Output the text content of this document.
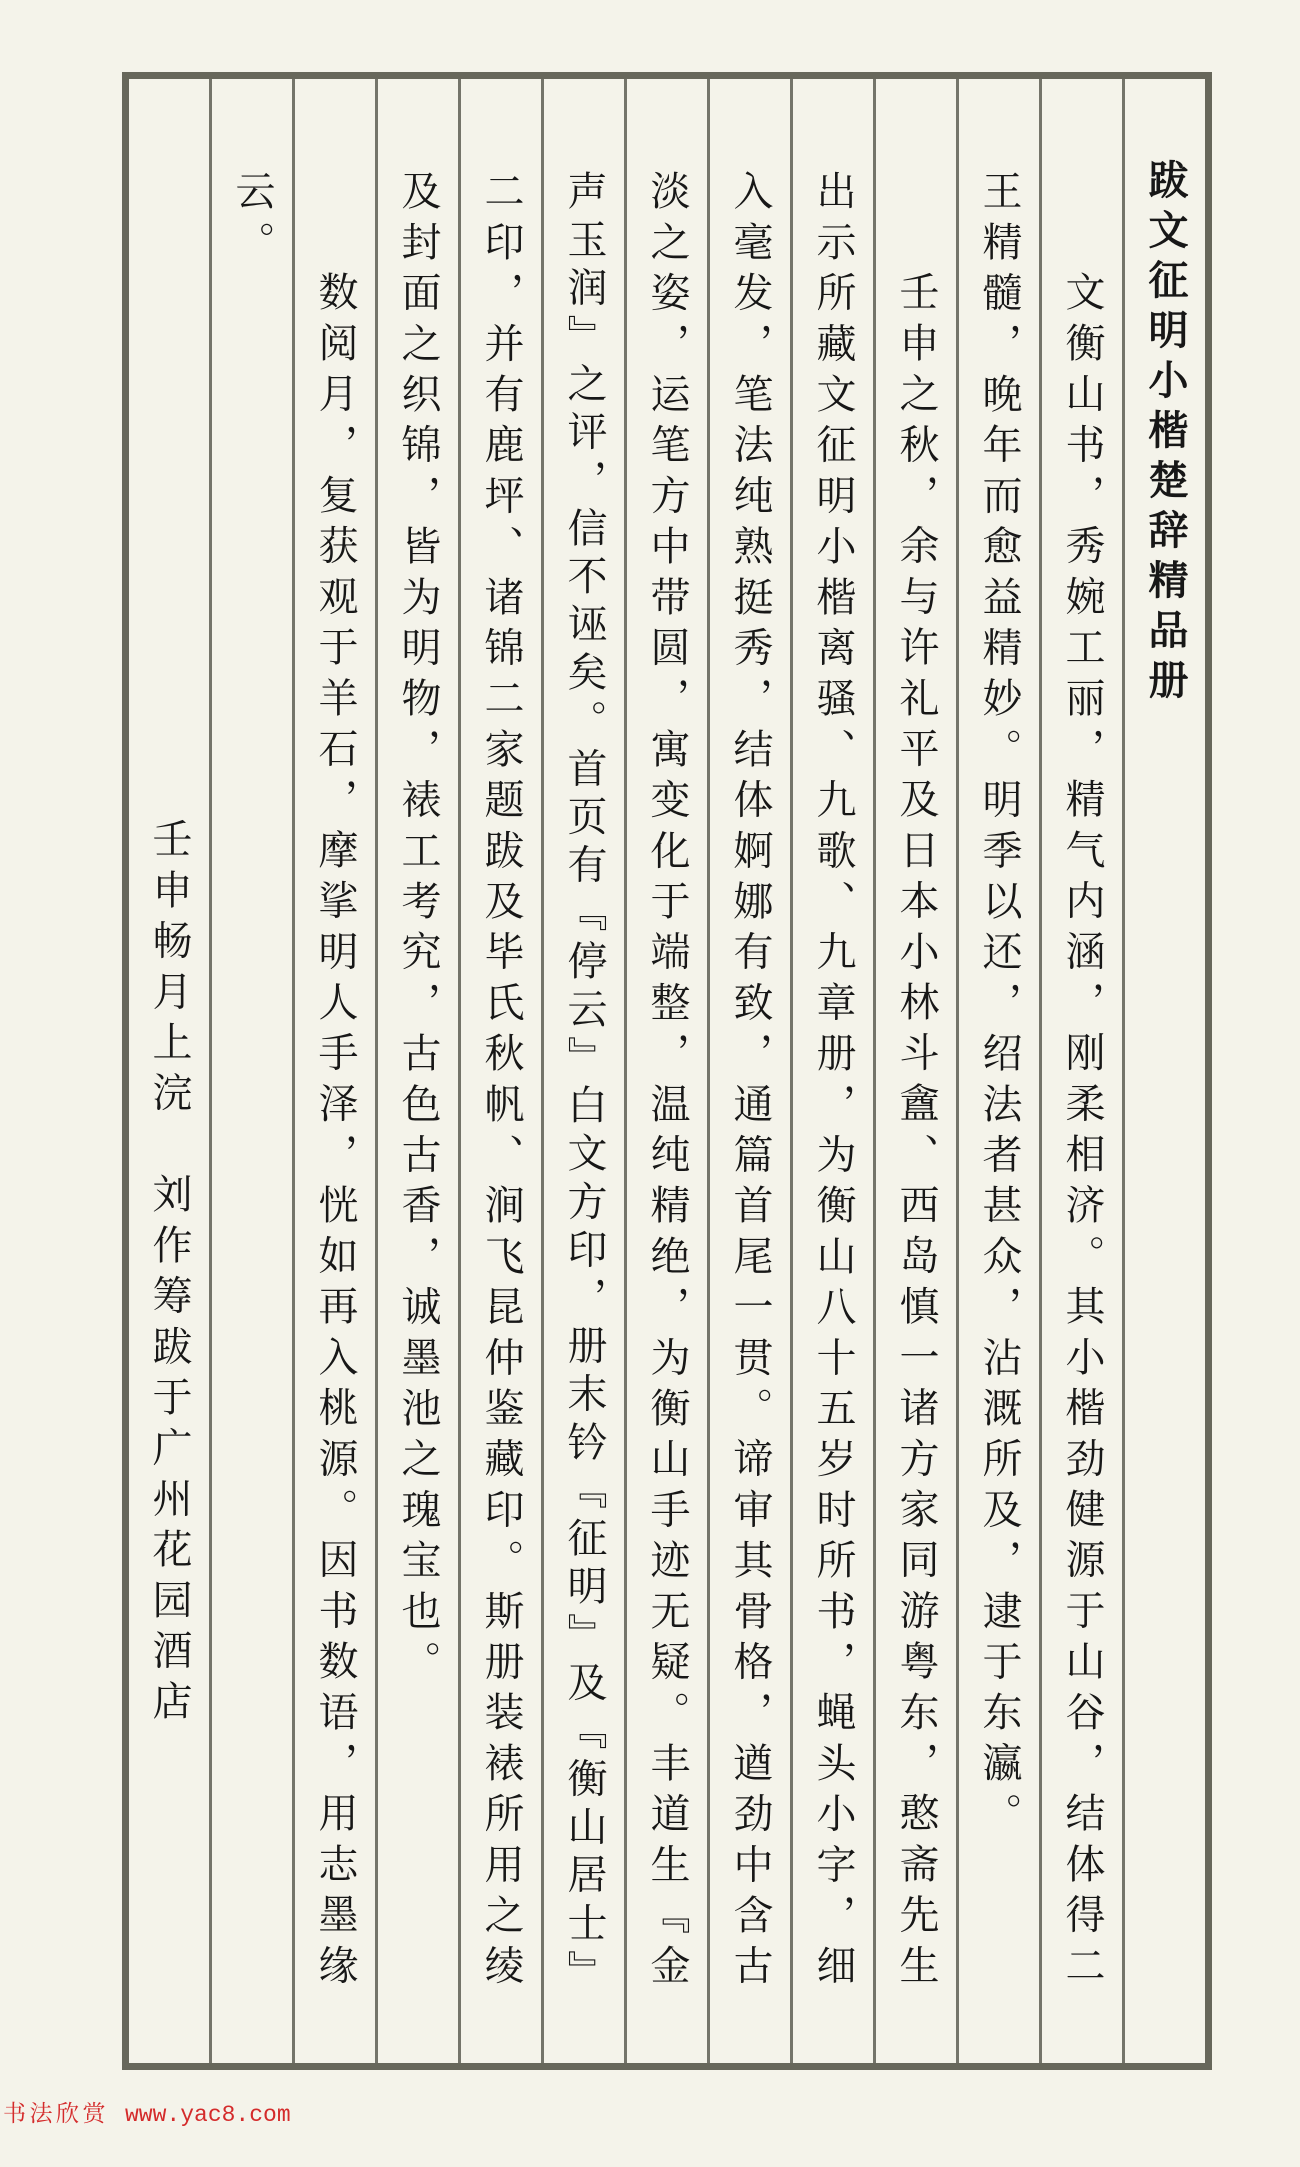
跋文征明小楷楚辞精品册
文衡山书，秀婉工丽，精气内涵，刚柔相济。其小楷劲健源于山谷，结体得二
王精髓，晚年而愈益精妙。明季以还，绍法者甚众，沾溉所及，逮于东瀛。
壬申之秋，余与许礼平及日本小林斗盦、西岛慎一诸方家同游粤东，憨斋先生
出示所藏文征明小楷离骚、九歌、九章册，为衡山八十五岁时所书，蝇头小字，细
入毫发，笔法纯熟挺秀，结体婀娜有致，通篇首尾一贯。谛审其骨格，遒劲中含古
淡之姿，运笔方中带圆，寓变化于端整，温纯精绝，为衡山手迹无疑。丰道生『金
声玉润』之评，信不诬矣。首页有『停云』白文方印，册末钤『征明』及『衡山居士』
二印，并有鹿坪、诸锦二家题跋及毕氏秋帆、涧飞昆仲鉴藏印。斯册装裱所用之绫
及封面之织锦，皆为明物，裱工考究，古色古香，诚墨池之瑰宝也。
数阅月，复获观于羊石，摩挲明人手泽，恍如再入桃源。因书数语，用志墨缘
云。
壬申畅月上浣刘作筹跋于广州花园酒店
书法欣赏 www.yac8.com
